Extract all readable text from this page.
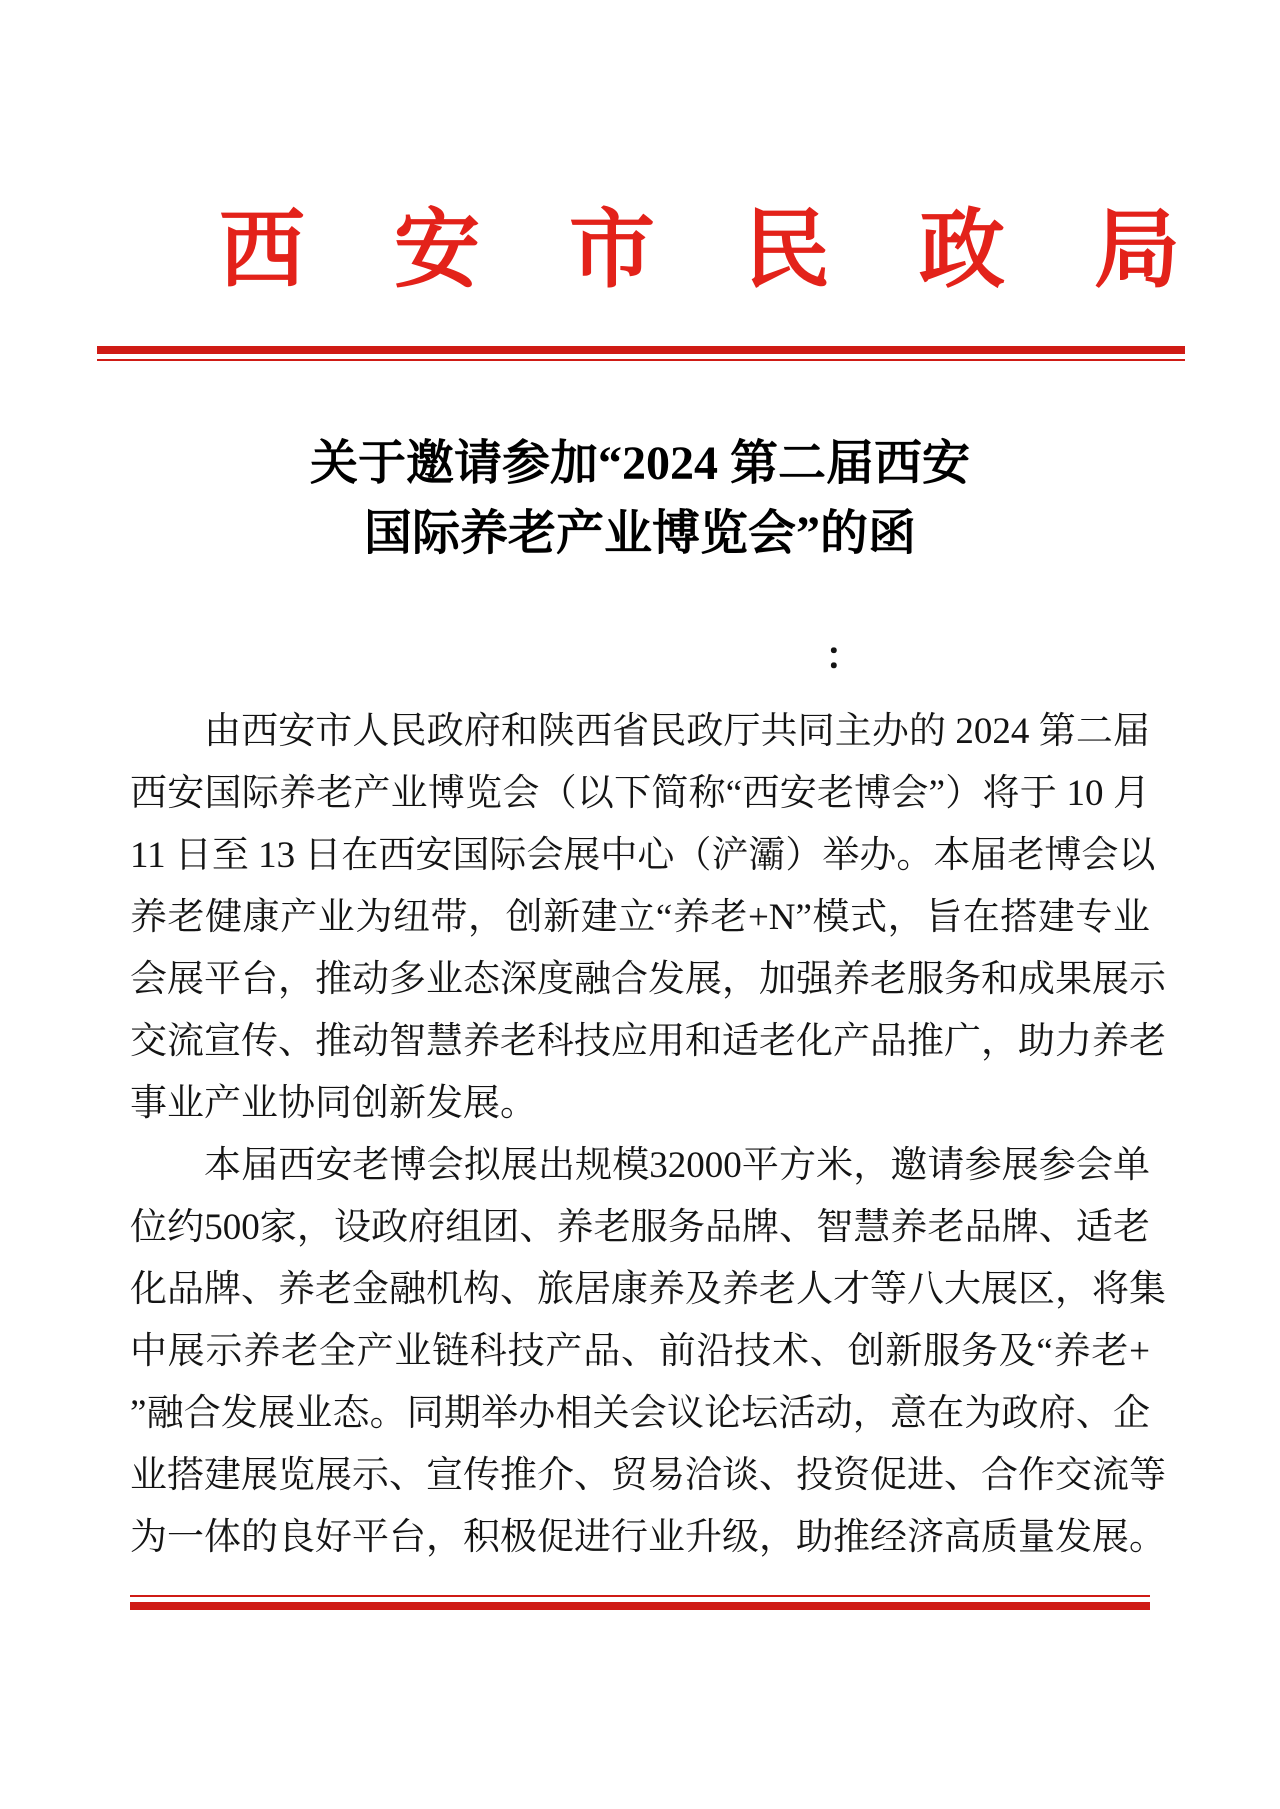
西安市民政局
关于邀请参加“2024 第二届西安
国际养老产业博览会”的函
：
由西安市人民政府和陕西省民政厅共同主办的 2024 第二届
西安国际养老产业博览会（以下简称“西安老博会”）将于 10 月
11 日至 13 日在西安国际会展中心（浐灞）举办。本届老博会以
养老健康产业为纽带，创新建立“养老+N”模式，旨在搭建专业
会展平台，推动多业态深度融合发展，加强养老服务和成果展示
交流宣传、推动智慧养老科技应用和适老化产品推广，助力养老
事业产业协同创新发展。
本届西安老博会拟展出规模32000平方米，邀请参展参会单
位约500家，设政府组团、养老服务品牌、智慧养老品牌、适老
化品牌、养老金融机构、旅居康养及养老人才等八大展区，将集
中展示养老全产业链科技产品、前沿技术、创新服务及“养老+
”融合发展业态。同期举办相关会议论坛活动，意在为政府、企
业搭建展览展示、宣传推介、贸易洽谈、投资促进、合作交流等
为一体的良好平台，积极促进行业升级，助推经济高质量发展。
